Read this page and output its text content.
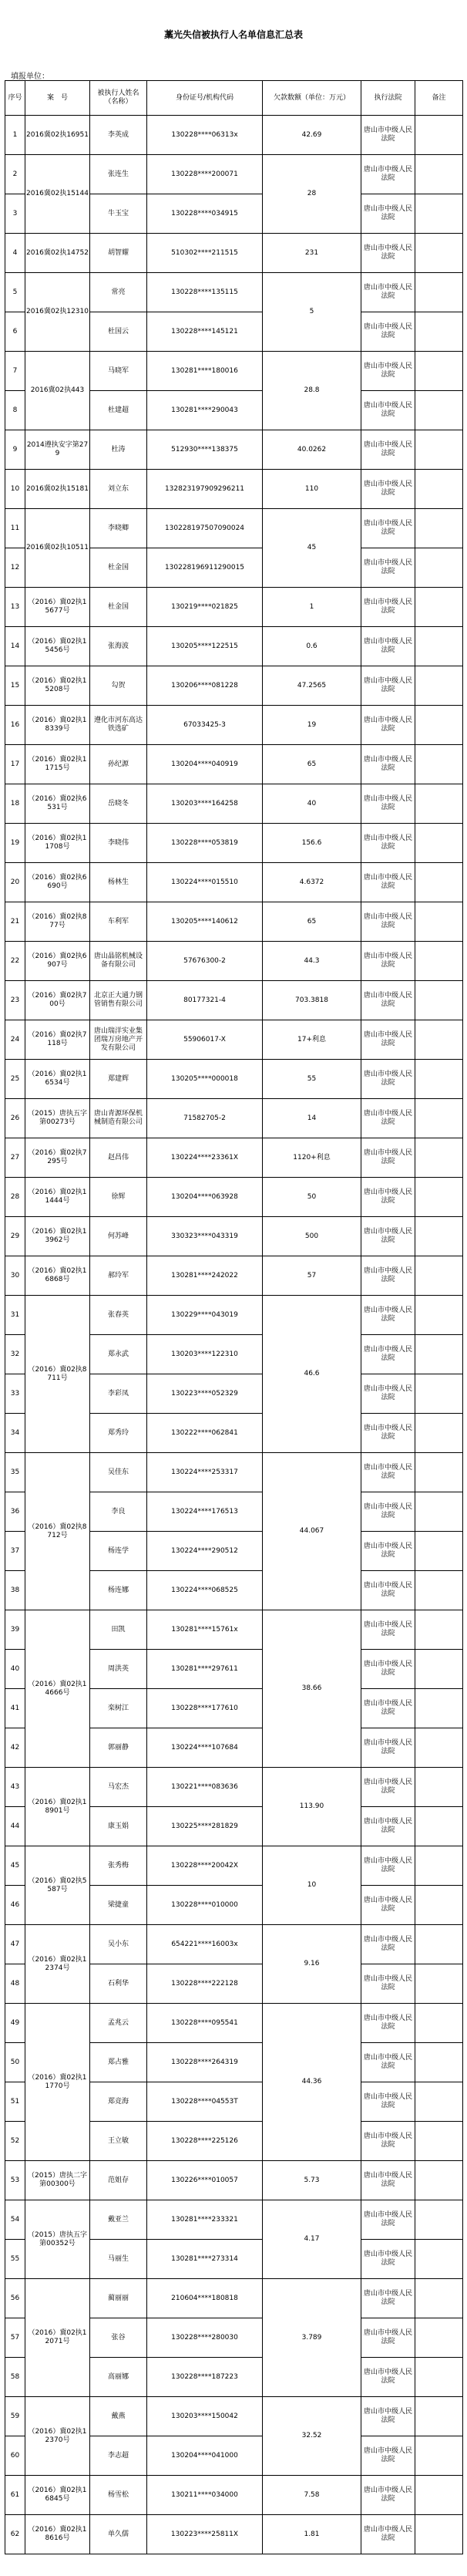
藁光失信被执行人名单信息汇总表
填报单位：
序号	案　号	被执行人姓名（名称）	身份证号/机构代码	欠款数额（单位：万元）	执行法院	备注
1	2016冀02执16951	李英成	130228****06313x	42.69	唐山市中级人民法院	
2	2016冀02执15144	张连生	130228****200071	28	唐山市中级人民法院	
3		牛玉宝	130228****034915		唐山市中级人民法院	
4	2016冀02执14752	胡智耀	510302****211515	231	唐山市中级人民法院	
5	2016冀02执12310	常亮	130228****135115	5	唐山市中级人民法院	
6		杜国云	130228****145121		唐山市中级人民法院	
7	2016冀02执443	马晓军	130281****180016	28.8	唐山市中级人民法院	
8		杜建超	130281****290043		唐山市中级人民法院	
9	2014遵执安字第279	杜涛	512930****138375	40.0262	唐山市中级人民法院	
10	2016冀02执15181	刘立东	132823197909296211	110	唐山市中级人民法院	
11	2016冀02执10511	李晓卿	130228197507090024	45	唐山市中级人民法院	
12		杜金国	130228196911290015		唐山市中级人民法院	
13	（2016）冀02执15677号	杜金国	130219****021825	1	唐山市中级人民法院	
14	（2016）冀02执15456号	张海波	130205****122515	0.6	唐山市中级人民法院	
15	（2016）冀02执15208号	勾贺	130206****081228	47.2565	唐山市中级人民法院	
16	（2016）冀02执18339号	遵化市河东高达铁选矿	67033425-3	19	唐山市中级人民法院	
17	（2016）冀02执11715号	孙纪源	130204****040919	65	唐山市中级人民法院	
18	（2016）冀02执6531号	岳晓冬	130203****164258	40	唐山市中级人民法院	
19	（2016）冀02执11708号	李晓伟	130228****053819	156.6	唐山市中级人民法院	
20	（2016）冀02执6690号	杨林生	130224****015510	4.6372	唐山市中级人民法院	
21	（2016）冀02执877号	车利军	130205****140612	65	唐山市中级人民法院	
22	（2016）冀02执6907号	唐山晶铭机械设备有限公司	57676300-2	44.3	唐山市中级人民法院	
23	（2016）冀02执700号	北京正大通力钢管销售有限公司	80177321-4	703.3818	唐山市中级人民法院	
24	（2016）冀02执7118号	唐山瑞洋实业集团瑞万房地产开发有限公司	55906017-X	17+利息	唐山市中级人民法院	
25	（2016）冀02执16534号	郑建辉	130205****000018	55	唐山市中级人民法院	
26	（2015）唐执五字第00273号	唐山青源环保机械制造有限公司	71582705-2	14	唐山市中级人民法院	
27	（2016）冀02执7295号	赵昌伟	130224****23361X	1120+利息	唐山市中级人民法院	
28	（2016）冀02执11444号	徐辉	130204****063928	50	唐山市中级人民法院	
29	（2016）冀02执13962号	何苏峰	330323****043319	500	唐山市中级人民法院	
30	（2016）冀02执16868号	郝玲军	130281****242022	57	唐山市中级人民法院	
31	（2016）冀02执8711号	张春英	130229****043019	46.6	唐山市中级人民法院	
32		郑永武	130203****122310		唐山市中级人民法院	
33		李彩凤	130223****052329		唐山市中级人民法院	
34		郑秀玲	130222****062841		唐山市中级人民法院	
35	（2016）冀02执8712号	吴佳东	130224****253317	44.067	唐山市中级人民法院	
36		李良	130224****176513		唐山市中级人民法院	
37		杨连学	130224****290512		唐山市中级人民法院	
38		杨连娜	130224****068525		唐山市中级人民法院	
39	（2016）冀02执14666号	田凯	130281****15761x	38.66	唐山市中级人民法院	
40		周洪英	130281****297611		唐山市中级人民法院	
41		栾树江	130228****177610		唐山市中级人民法院	
42		郭丽静	130224****107684		唐山市中级人民法院	
43	（2016）冀02执18901号	马宏杰	130221****083636	113.90	唐山市中级人民法院	
44		康玉娟	130225****281829		唐山市中级人民法院	
45	（2016）冀02执5587号	张秀梅	130228****20042X	10	唐山市中级人民法院	
46		梁捷童	130228****010000		唐山市中级人民法院	
47	（2016）冀02执12374号	吴小东	654221****16003x	9.16	唐山市中级人民法院	
48		石利华	130228****222128		唐山市中级人民法院	
49	（2016）冀02执11770号	孟兆云	130228****095541	44.36	唐山市中级人民法院	
50		郑占雅	130228****264319		唐山市中级人民法院	
51		郑竞海	130228****04553T		唐山市中级人民法院	
52		王立敏	130228****225126		唐山市中级人民法院	
53	（2015）唐执二字第00300号	范姐存	130226****010057	5.73	唐山市中级人民法院	
54	（2015）唐执五字第00352号	戴亚兰	130281****233321	4.17	唐山市中级人民法院	
55		马丽生	130281****273314		唐山市中级人民法院	
56	（2016）冀02执12071号	蔺丽丽	210604****180818	3.789	唐山市中级人民法院	
57		张谷	130228****280030		唐山市中级人民法院	
58		高丽娜	130228****187223		唐山市中级人民法院	
59	（2016）冀02执12370号	戴燕	130203****150042	32.52	唐山市中级人民法院	
60		李志超	130204****041000		唐山市中级人民法院	
61	（2016）冀02执16845号	杨雪松	130211****034000	7.58	唐山市中级人民法院	
62	（2016）冀02执18616号	单久儒	130223****25811X	1.81	唐山市中级人民法院	
